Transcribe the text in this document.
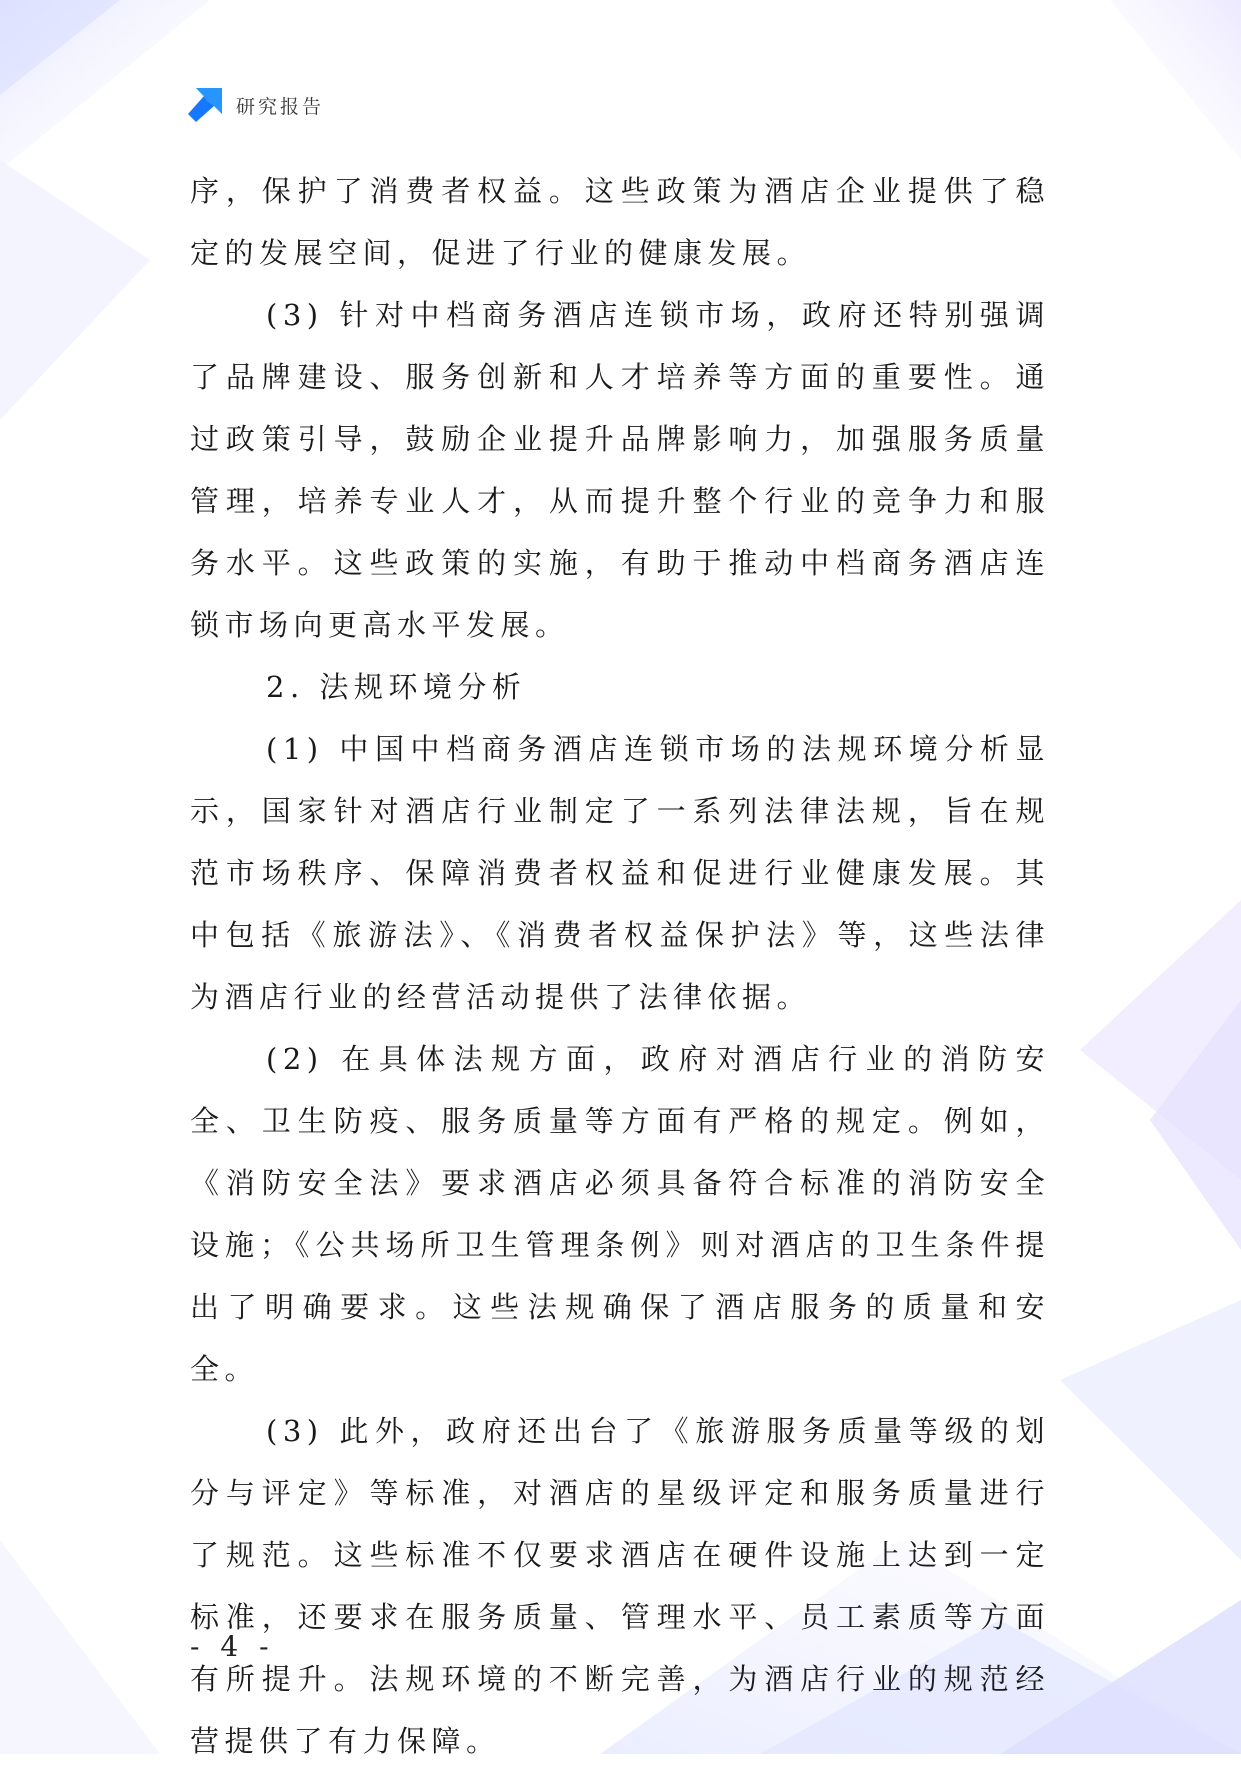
研究报告

序，保护了消费者权益。这些政策为酒店企业提供了稳定的发展空间，促进了行业的健康发展。

(3) 针对中档商务酒店连锁市场，政府还特别强调了品牌建设、服务创新和人才培养等方面的重要性。通过政策引导，鼓励企业提升品牌影响力，加强服务质量管理，培养专业人才，从而提升整个行业的竞争力和服务水平。这些政策的实施，有助于推动中档商务酒店连锁市场向更高水平发展。

2. 法规环境分析

(1) 中国中档商务酒店连锁市场的法规环境分析显示，国家针对酒店行业制定了一系列法律法规，旨在规范市场秩序、保障消费者权益和促进行业健康发展。其中包括《旅游法》、《消费者权益保护法》等，这些法律为酒店行业的经营活动提供了法律依据。

(2) 在具体法规方面，政府对酒店行业的消防安全、卫生防疫、服务质量等方面有严格的规定。例如，《消防安全法》要求酒店必须具备符合标准的消防安全设施；《公共场所卫生管理条例》则对酒店的卫生条件提出了明确要求。这些法规确保了酒店服务的质量和安全。

(3) 此外，政府还出台了《旅游服务质量等级的划分与评定》等标准，对酒店的星级评定和服务质量进行了规范。这些标准不仅要求酒店在硬件设施上达到一定标准，还要求在服务质量、管理水平、员工素质等方面有所提升。法规环境的不断完善，为酒店行业的规范经营提供了有力保障。

- 4 -
